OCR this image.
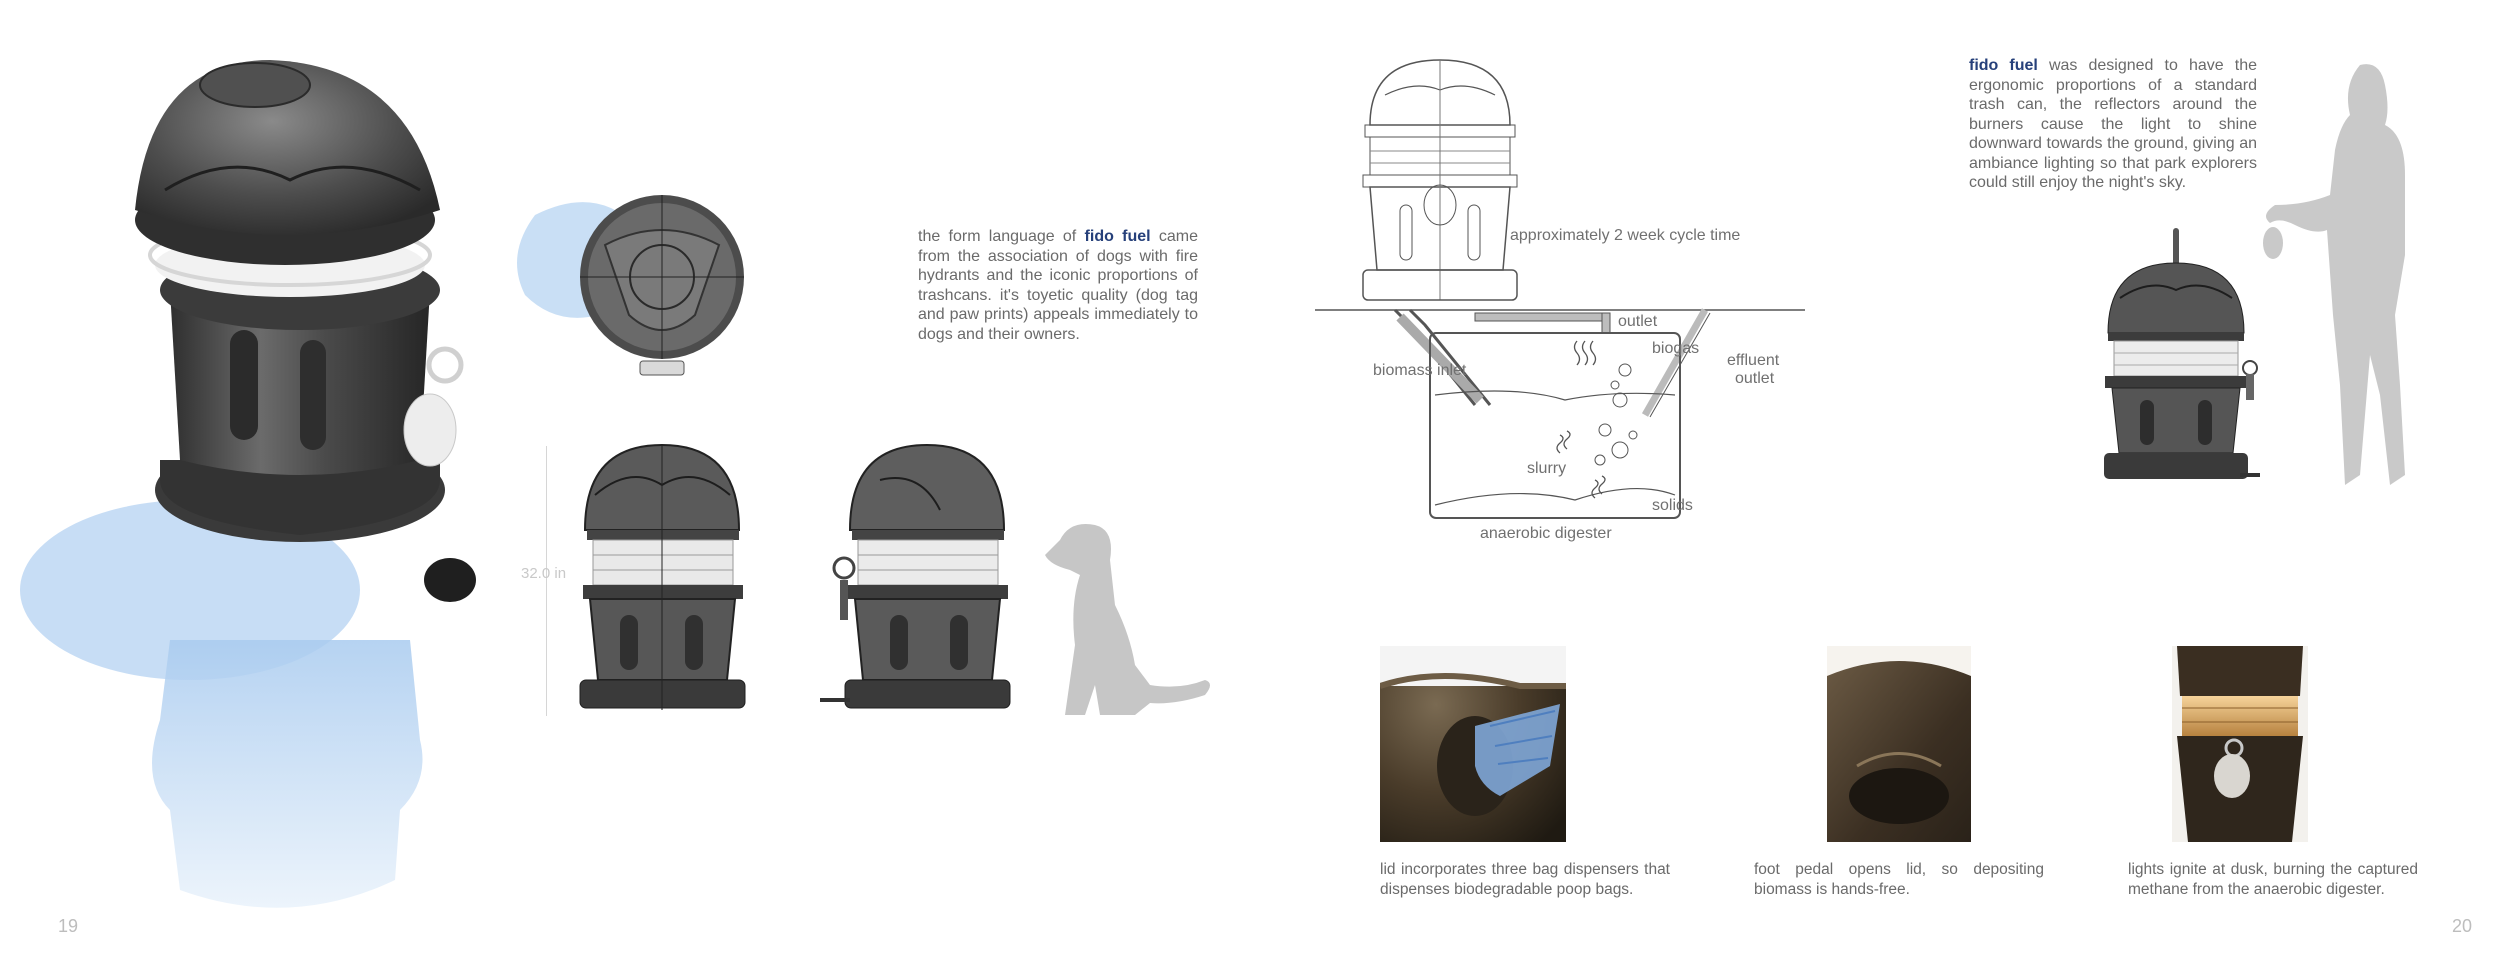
32.0 in
the form language of fido fuel came from the association of dogs with fire hydrants and the iconic proportions of trashcans. it's toyetic quality (dog tag and paw prints) appeals immediately to dogs and their owners.
19
approximately 2 week cycle time
outlet
biogas
effluent
outlet
biomass inlet
slurry
solids
anaerobic digester
fido fuel was designed to have the ergonomic proportions of a standard trash can, the reflectors around the burners cause the light to shine downward towards the ground, giving an ambiance lighting so that park explorers could still enjoy the night's sky.
lid incorporates three bag dispensers that dispenses biodegradable poop bags.
foot pedal opens lid, so depositing biomass is hands-free.
lights ignite at dusk, burning the captured methane from the anaerobic digester.
20
